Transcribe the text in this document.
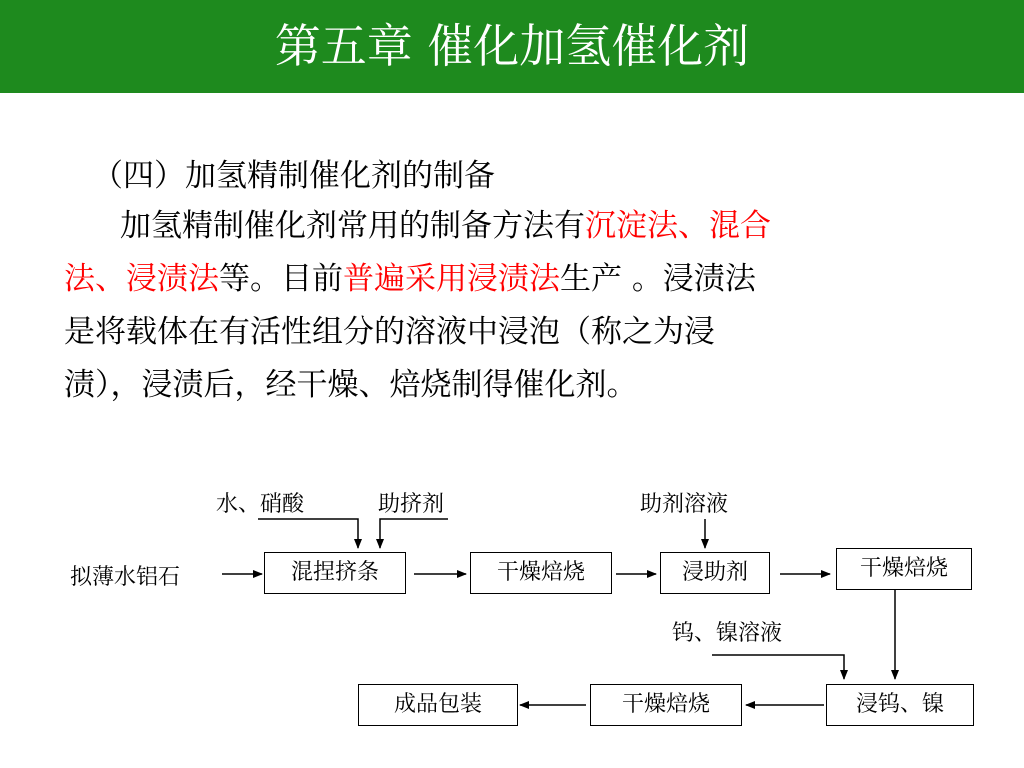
第五章 催化加氢催化剂
（四）加氢精制催化剂的制备
加氢精制催化剂常用的制备方法有沉淀法、混合
法、浸渍法等。目前普遍采用浸渍法生产 。浸渍法
是将载体在有活性组分的溶液中浸泡（称之为浸
渍），浸渍后，经干燥、焙烧制得催化剂。
拟薄水铝石
水、硝酸	助挤剂	助剂溶液
钨、镍溶液
混捏挤条	干燥焙烧	浸助剂	干燥焙烧
浸钨、镍
干燥焙烧
成品包装
